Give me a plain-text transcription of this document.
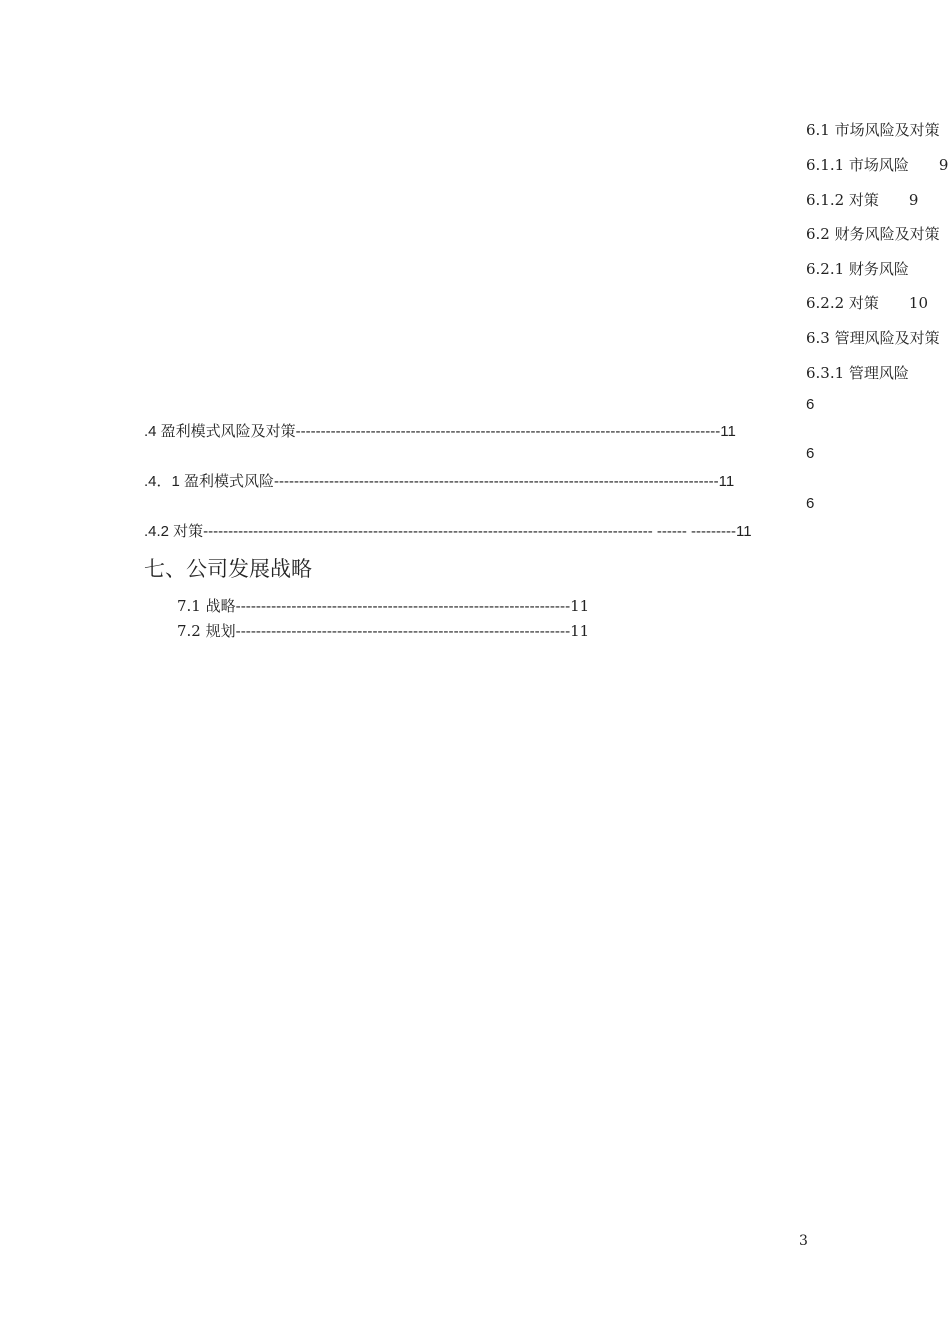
6.1 市场风险及对策
6.1.1 市场风险　　9
6.1.2 对策　　9
6.2 财务风险及对策
6.2.1 财务风险
6.2.2 对策　　10
6.3 管理风险及对策
6.3.1 管理风险
6
6
6
.4 盈利模式风险及对策-------------------------------------------------------------------------------------11
.4．1 盈利模式风险-----------------------------------------------------------------------------------------11
.4.2 对策------------------------------------------------------------------------------------------ ------ ---------11
七、公司发展战略
7.1 战略------------------------------------------------------------------11
7.2 规划------------------------------------------------------------------11
3
